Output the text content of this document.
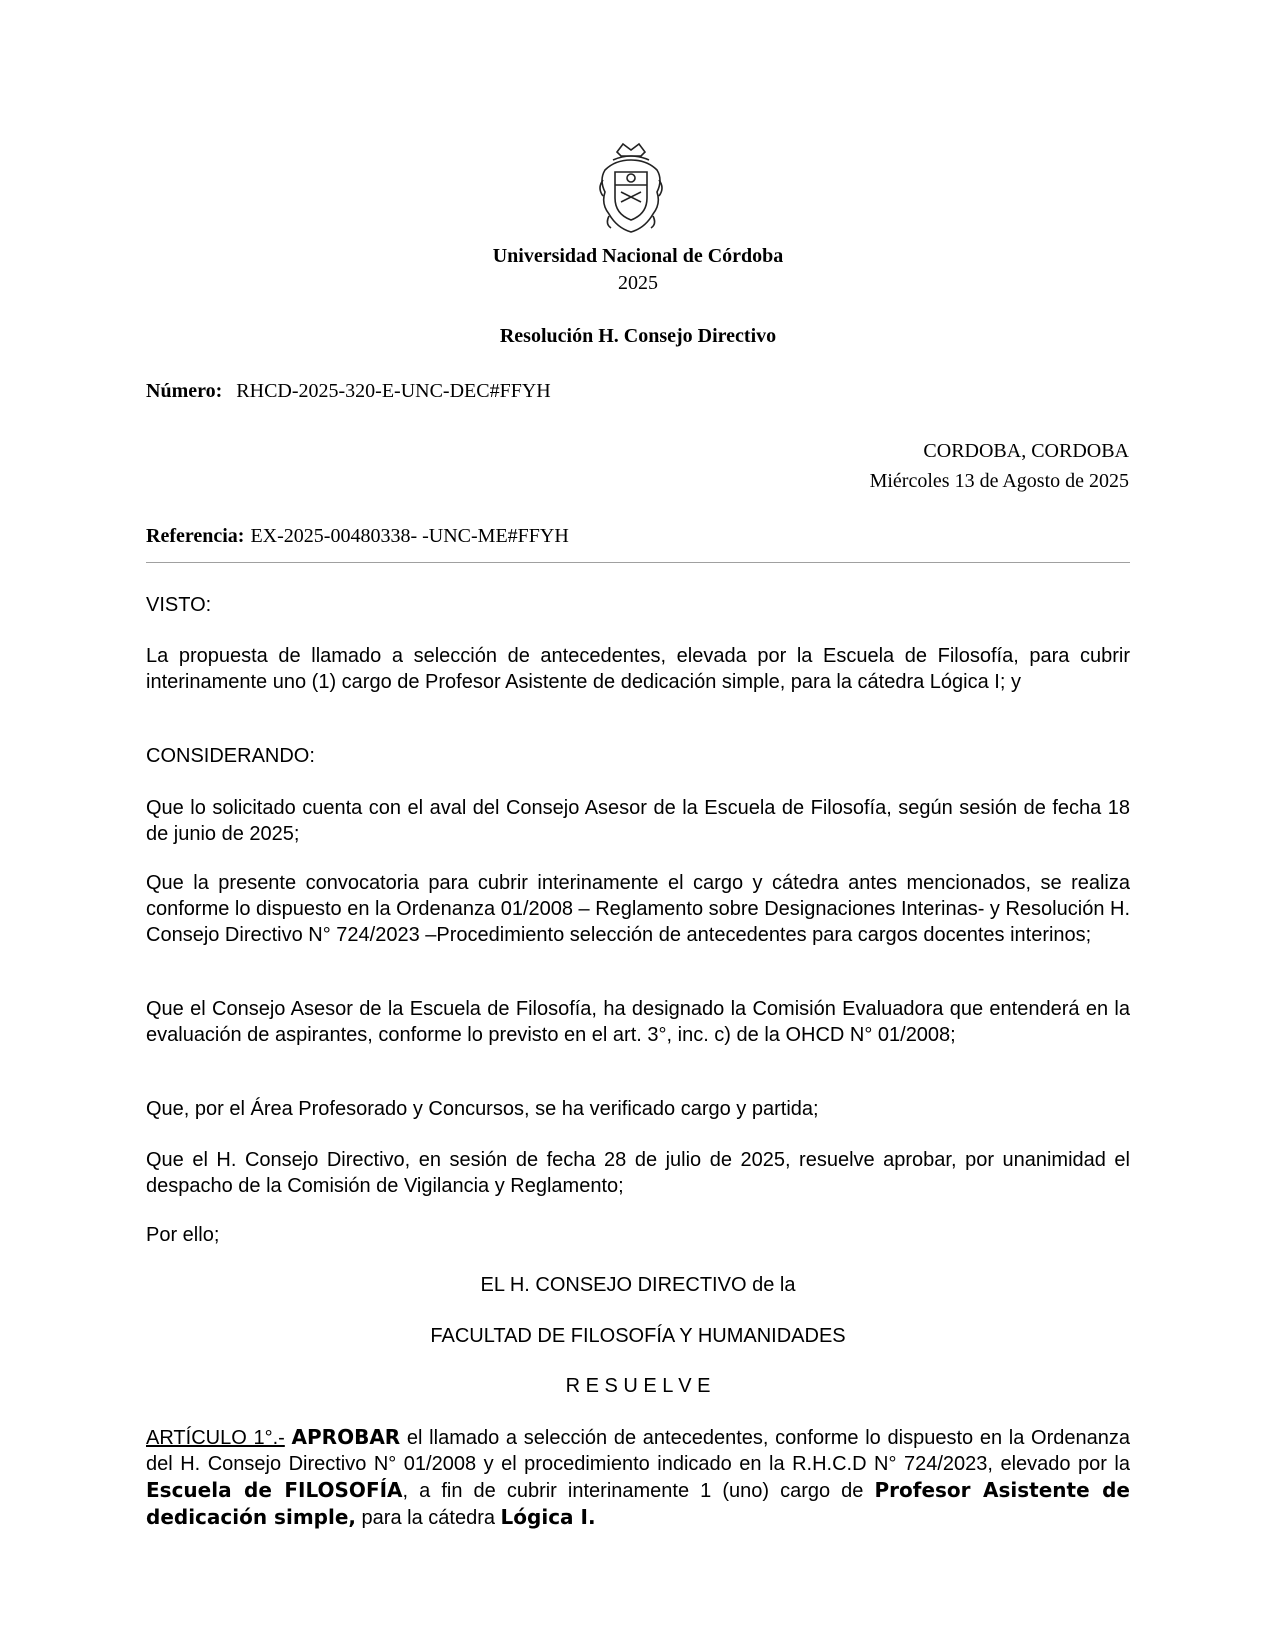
Universidad Nacional de Córdoba
2025
Resolución H. Consejo Directivo
Número: RHCD-2025-320-E-UNC-DEC#FFYH
CORDOBA, CORDOBA
Miércoles 13 de Agosto de 2025
Referencia: EX-2025-00480338- -UNC-ME#FFYH

VISTO:

La propuesta de llamado a selección de antecedentes, elevada por la Escuela de Filosofía, para cubrir interinamente uno (1) cargo de Profesor Asistente de dedicación simple, para la cátedra Lógica I; y

CONSIDERANDO:

Que lo solicitado cuenta con el aval del Consejo Asesor de la Escuela de Filosofía, según sesión de fecha 18 de junio de 2025;

Que la presente convocatoria para cubrir interinamente el cargo y cátedra antes mencionados, se realiza conforme lo dispuesto en la Ordenanza 01/2008 – Reglamento sobre Designaciones Interinas- y Resolución H. Consejo Directivo N° 724/2023 –Procedimiento selección de antecedentes para cargos docentes interinos;

Que el Consejo Asesor de la Escuela de Filosofía, ha designado la Comisión Evaluadora que entenderá en la evaluación de aspirantes, conforme lo previsto en el art. 3°, inc. c) de la OHCD N° 01/2008;

Que, por el Área Profesorado y Concursos, se ha verificado cargo y partida;

Que el H. Consejo Directivo, en sesión de fecha 28 de julio de 2025, resuelve aprobar, por unanimidad el despacho de la Comisión de Vigilancia y Reglamento;

Por ello;

EL H. CONSEJO DIRECTIVO de la

FACULTAD DE FILOSOFÍA Y HUMANIDADES

R E S U E L V E

ARTÍCULO 1°.- APROBAR el llamado a selección de antecedentes, conforme lo dispuesto en la Ordenanza del H. Consejo Directivo N° 01/2008 y el procedimiento indicado en la R.H.C.D N° 724/2023, elevado por la Escuela de FILOSOFÍA, a fin de cubrir interinamente 1 (uno) cargo de Profesor Asistente de dedicación simple, para la cátedra Lógica I.
